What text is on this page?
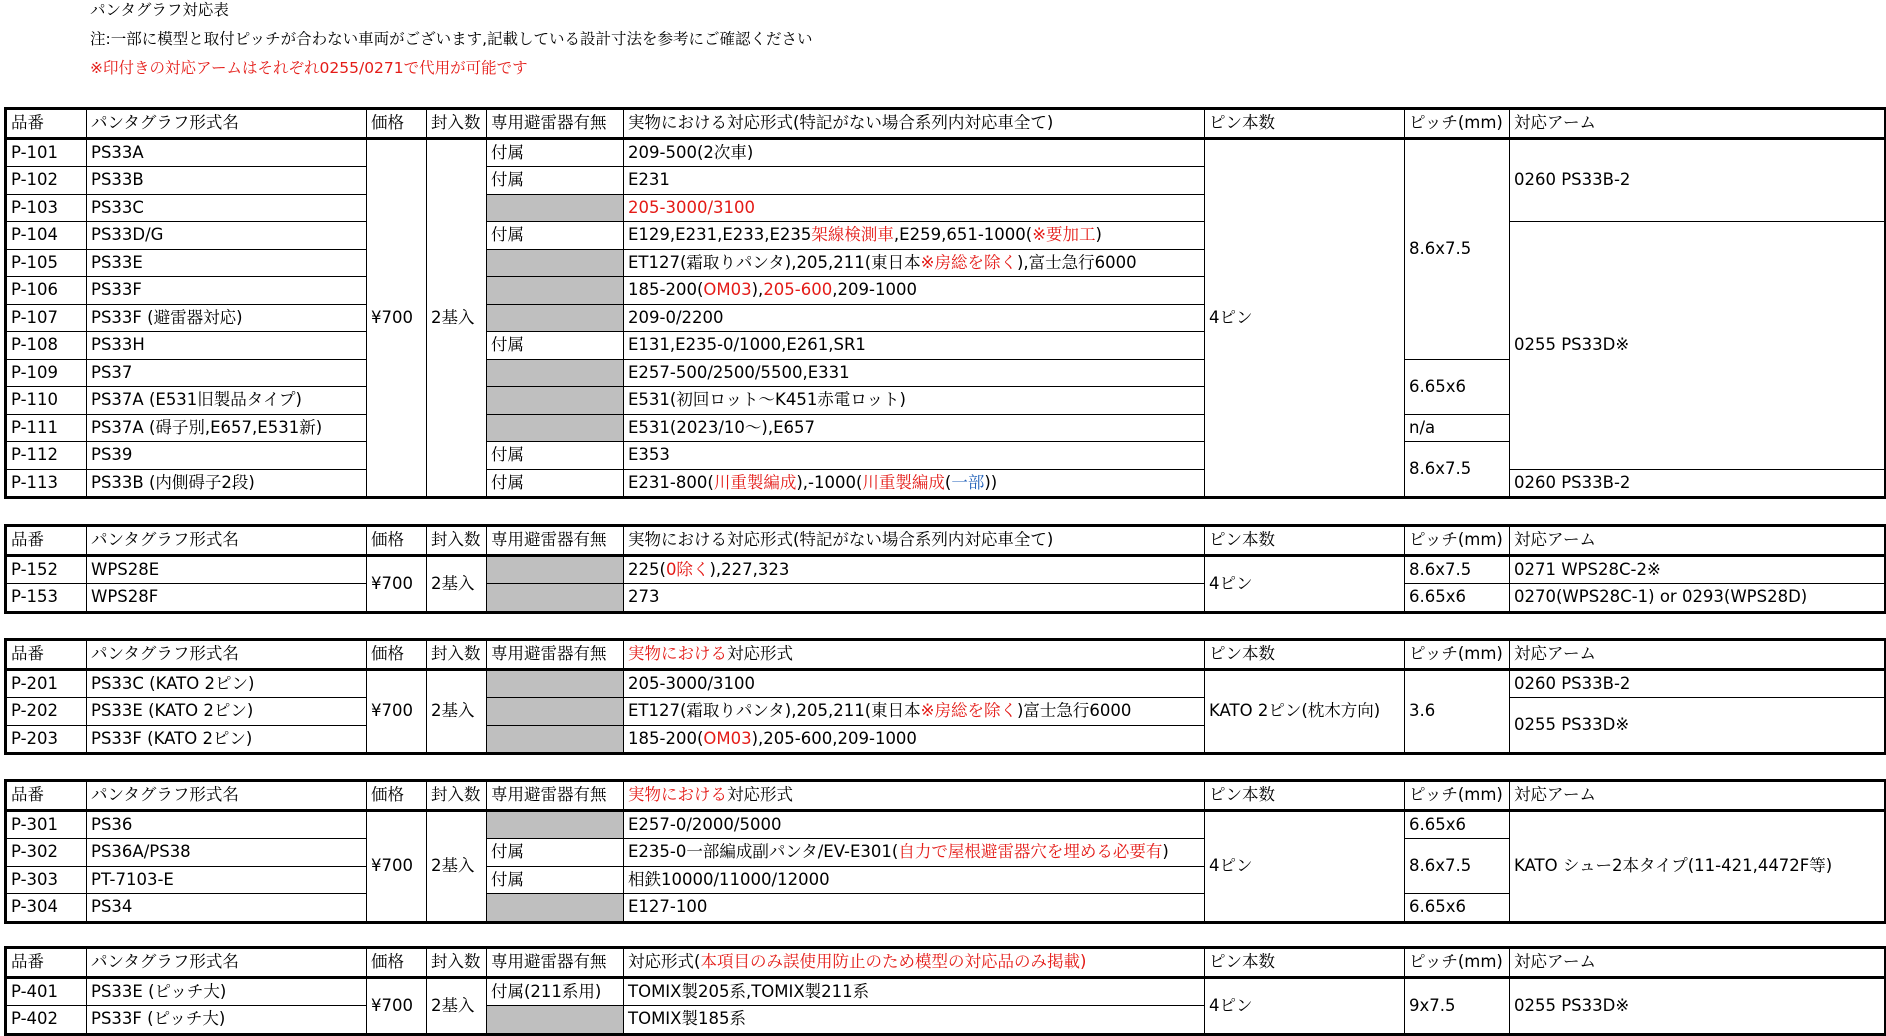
パンタグラフ対応表
注:一部に模型と取付ピッチが合わない車両がございます,記載している設計寸法を参考にご確認ください
※印付きの対応アームはそれぞれ0255/0271で代用が可能です
品番	パンタグラフ形式名	価格	封入数	専用避雷器有無	実物における対応形式(特記がない場合系列内対応車全て)	ピン本数	ピッチ(mm)	対応アーム
P-101	PS33A	¥700	2基入	付属	209-500(2次車)	4ピン	8.6x7.5	0260 PS33B-2
P-102	PS33B			付属	E231			
P-103	PS33C				205-3000/3100			
P-104	PS33D/G			付属	E129,E231,E233,E235架線検測車,E259,651-1000(※要加工)			0255 PS33D※
P-105	PS33E				ET127(霜取りパンタ),205,211(東日本※房総を除く),富士急行6000			
P-106	PS33F				185-200(OM03),205-600,209-1000			
P-107	PS33F (避雷器対応)				209-0/2200			
P-108	PS33H			付属	E131,E235-0/1000,E261,SR1			
P-109	PS37				E257-500/2500/5500,E331		6.65x6	
P-110	PS37A (E531旧製品タイプ)				E531(初回ロット〜K451赤電ロット)			
P-111	PS37A (碍子別,E657,E531新)				E531(2023/10〜),E657		n/a	
P-112	PS39			付属	E353		8.6x7.5	
P-113	PS33B (内側碍子2段)			付属	E231-800(川重製編成),-1000(川重製編成(一部))			0260 PS33B-2
品番	パンタグラフ形式名	価格	封入数	専用避雷器有無	実物における対応形式(特記がない場合系列内対応車全て)	ピン本数	ピッチ(mm)	対応アーム
P-152	WPS28E	¥700	2基入		225(0除く),227,323	4ピン	8.6x7.5	0271 WPS28C-2※
P-153	WPS28F				273		6.65x6	0270(WPS28C-1) or 0293(WPS28D)
品番	パンタグラフ形式名	価格	封入数	専用避雷器有無	実物における対応形式	ピン本数	ピッチ(mm)	対応アーム
P-201	PS33C (KATO 2ピン)	¥700	2基入		205-3000/3100	KATO 2ピン(枕木方向)	3.6	0260 PS33B-2
P-202	PS33E (KATO 2ピン)				ET127(霜取りパンタ),205,211(東日本※房総を除く)富士急行6000			0255 PS33D※
P-203	PS33F (KATO 2ピン)				185-200(OM03),205-600,209-1000			
品番	パンタグラフ形式名	価格	封入数	専用避雷器有無	実物における対応形式	ピン本数	ピッチ(mm)	対応アーム
P-301	PS36	¥700	2基入		E257-0/2000/5000	4ピン	6.65x6	KATO シュー2本タイプ(11-421,4472F等)
P-302	PS36A/PS38			付属	E235-0一部編成副パンタ/EV-E301(自力で屋根避雷器穴を埋める必要有)		8.6x7.5	
P-303	PT-7103-E			付属	相鉄10000/11000/12000			
P-304	PS34				E127-100		6.65x6	
品番	パンタグラフ形式名	価格	封入数	専用避雷器有無	対応形式(本項目のみ誤使用防止のため模型の対応品のみ掲載)	ピン本数	ピッチ(mm)	対応アーム
P-401	PS33E (ピッチ大)	¥700	2基入	付属(211系用)	TOMIX製205系,TOMIX製211系	4ピン	9x7.5	0255 PS33D※
P-402	PS33F (ピッチ大)				TOMIX製185系			
